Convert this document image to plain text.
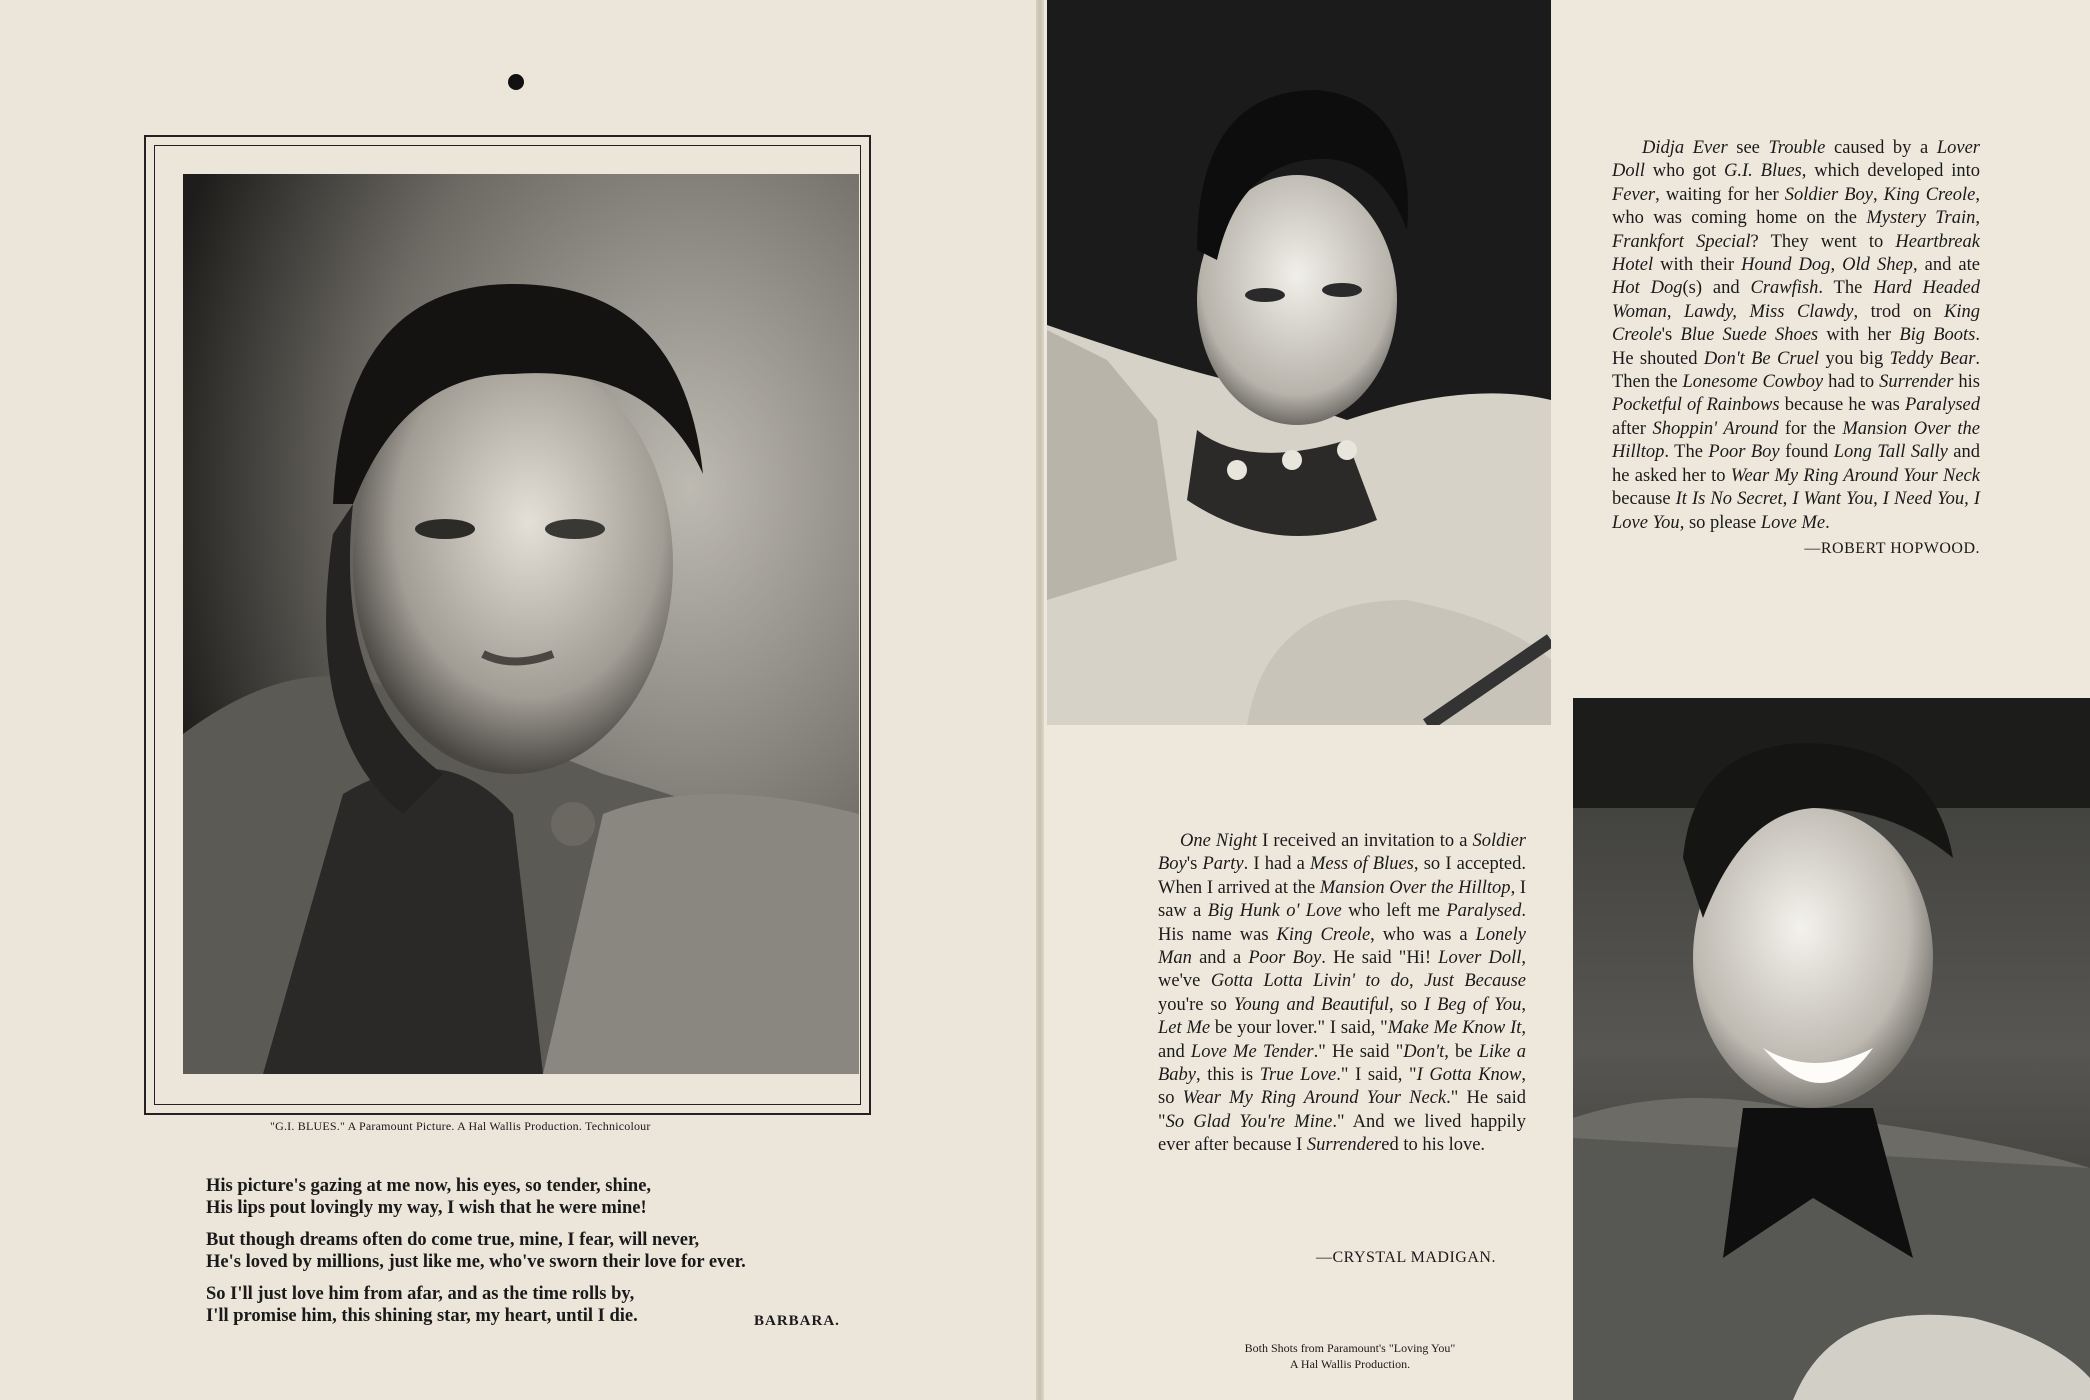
"G.I. BLUES." A Paramount Picture. A Hal Wallis Production. Technicolour
His picture's gazing at me now, his eyes, so tender, shine,
His lips pout lovingly my way, I wish that he were mine!
But though dreams often do come true, mine, I fear, will never,
He's loved by millions, just like me, who've sworn their love for ever.
So I'll just love him from afar, and as the time rolls by,
I'll promise him, this shining star, my heart, until I die.	BARBARA.
Didja Ever see Trouble caused by a Lover Doll who got G.I. Blues, which developed into Fever, waiting for her Soldier Boy, King Creole, who was coming home on the Mystery Train, Frankfort Special? They went to Heartbreak Hotel with their Hound Dog, Old Shep, and ate Hot Dog(s) and Crawfish. The Hard Headed Woman, Lawdy, Miss Clawdy, trod on King Creole's Blue Suede Shoes with her Big Boots. He shouted Don't Be Cruel you big Teddy Bear. Then the Lonesome Cowboy had to Surrender his Pocketful of Rainbows because he was Paralysed after Shoppin' Around for the Mansion Over the Hilltop. The Poor Boy found Long Tall Sally and he asked her to Wear My Ring Around Your Neck because It Is No Secret, I Want You, I Need You, I Love You, so please Love Me.
—ROBERT HOPWOOD.
One Night I received an invitation to a Soldier Boy's Party. I had a Mess of Blues, so I accepted. When I arrived at the Mansion Over the Hilltop, I saw a Big Hunk o' Love who left me Paralysed. His name was King Creole, who was a Lonely Man and a Poor Boy. He said "Hi! Lover Doll, we've Gotta Lotta Livin' to do, Just Because you're so Young and Beautiful, so I Beg of You, Let Me be your lover." I said, "Make Me Know It, and Love Me Tender." He said "Don't, be Like a Baby, this is True Love." I said, "I Gotta Know, so Wear My Ring Around Your Neck." He said "So Glad You're Mine." And we lived happily ever after because I Surrendered to his love.
—CRYSTAL MADIGAN.
Both Shots from Paramount's "Loving You"
A Hal Wallis Production.
